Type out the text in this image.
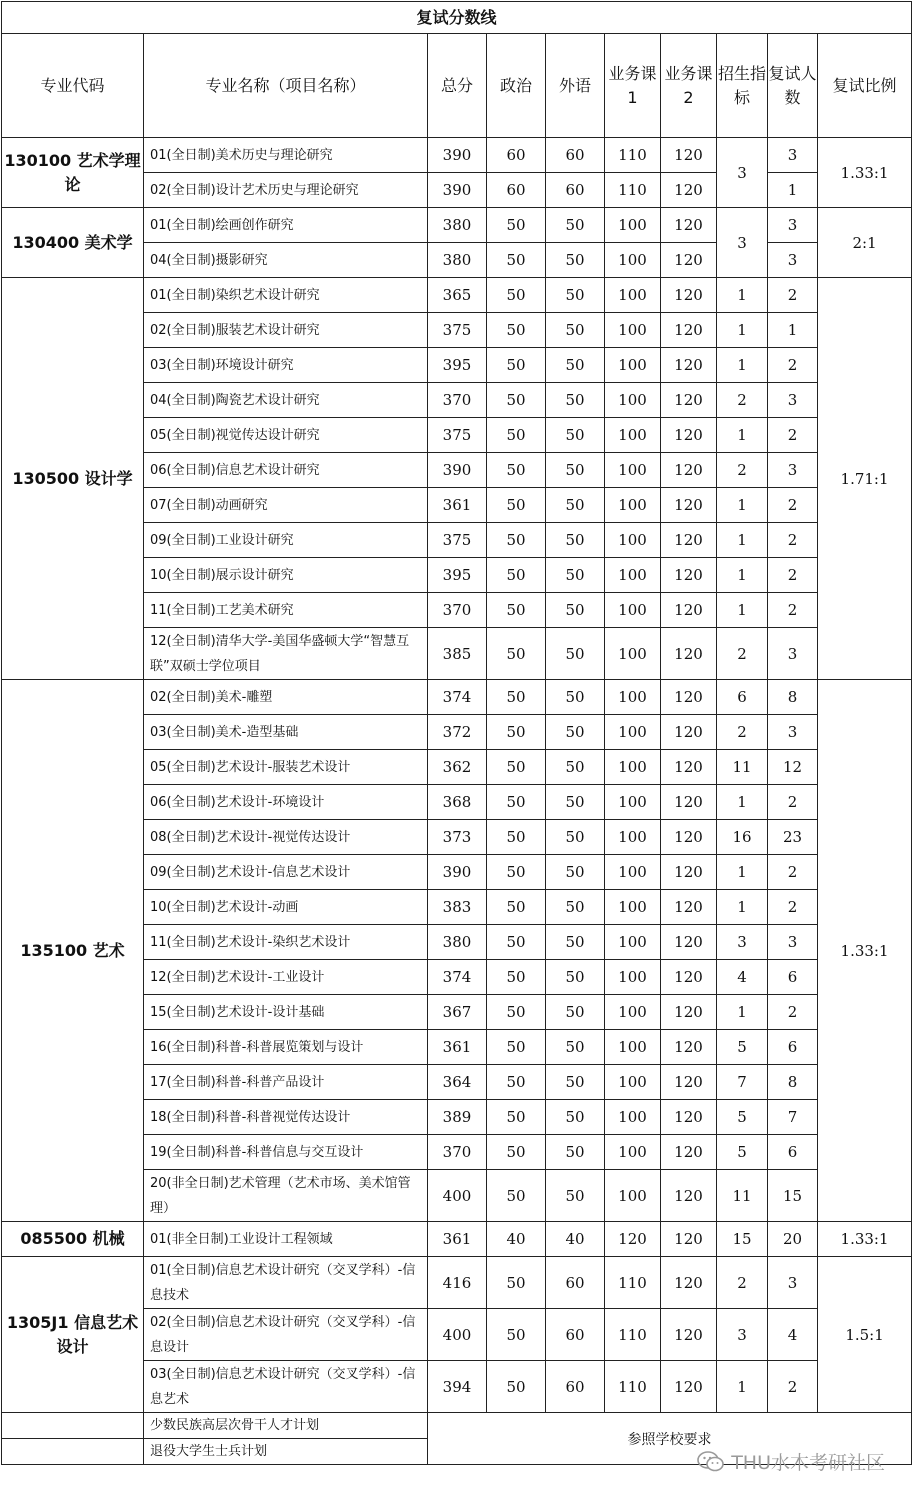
复试分数线									
专业代码	专业名称（项目名称）	总分	政治	外语	业务课1	业务课2	招生指标	复试人数	复试比例
130100 艺术学理论	01(全日制)美术历史与理论研究	390	60	60	110	120	3	3	1.33:1
	02(全日制)设计艺术历史与理论研究	390	60	60	110	120		1	
130400 美术学	01(全日制)绘画创作研究	380	50	50	100	120	3	3	2:1
	04(全日制)摄影研究	380	50	50	100	120		3	
130500 设计学	01(全日制)染织艺术设计研究	365	50	50	100	120	1	2	1.71:1
	02(全日制)服装艺术设计研究	375	50	50	100	120	1	1	
	03(全日制)环境设计研究	395	50	50	100	120	1	2	
	04(全日制)陶瓷艺术设计研究	370	50	50	100	120	2	3	
	05(全日制)视觉传达设计研究	375	50	50	100	120	1	2	
	06(全日制)信息艺术设计研究	390	50	50	100	120	2	3	
	07(全日制)动画研究	361	50	50	100	120	1	2	
	09(全日制)工业设计研究	375	50	50	100	120	1	2	
	10(全日制)展示设计研究	395	50	50	100	120	1	2	
	11(全日制)工艺美术研究	370	50	50	100	120	1	2	
	12(全日制)清华大学-美国华盛顿大学“智慧互联”双硕士学位项目	385	50	50	100	120	2	3	
135100 艺术	02(全日制)美术-雕塑	374	50	50	100	120	6	8	1.33:1
	03(全日制)美术-造型基础	372	50	50	100	120	2	3	
	05(全日制)艺术设计-服装艺术设计	362	50	50	100	120	11	12	
	06(全日制)艺术设计-环境设计	368	50	50	100	120	1	2	
	08(全日制)艺术设计-视觉传达设计	373	50	50	100	120	16	23	
	09(全日制)艺术设计-信息艺术设计	390	50	50	100	120	1	2	
	10(全日制)艺术设计-动画	383	50	50	100	120	1	2	
	11(全日制)艺术设计-染织艺术设计	380	50	50	100	120	3	3	
	12(全日制)艺术设计-工业设计	374	50	50	100	120	4	6	
	15(全日制)艺术设计-设计基础	367	50	50	100	120	1	2	
	16(全日制)科普-科普展览策划与设计	361	50	50	100	120	5	6	
	17(全日制)科普-科普产品设计	364	50	50	100	120	7	8	
	18(全日制)科普-科普视觉传达设计	389	50	50	100	120	5	7	
	19(全日制)科普-科普信息与交互设计	370	50	50	100	120	5	6	
	20(非全日制)艺术管理（艺术市场、美术馆管理）	400	50	50	100	120	11	15	
085500 机械	01(非全日制)工业设计工程领域	361	40	40	120	120	15	20	1.33:1
1305J1 信息艺术设计	01(全日制)信息艺术设计研究（交叉学科）-信息技术	416	50	60	110	120	2	3	1.5:1
	02(全日制)信息艺术设计研究（交叉学科）-信息设计	400	50	60	110	120	3	4	
	03(全日制)信息艺术设计研究（交叉学科）-信息艺术	394	50	60	110	120	1	2	
	少数民族高层次骨干人才计划	参照学校要求							
	退役大学生士兵计划								
THU水木考研社区
